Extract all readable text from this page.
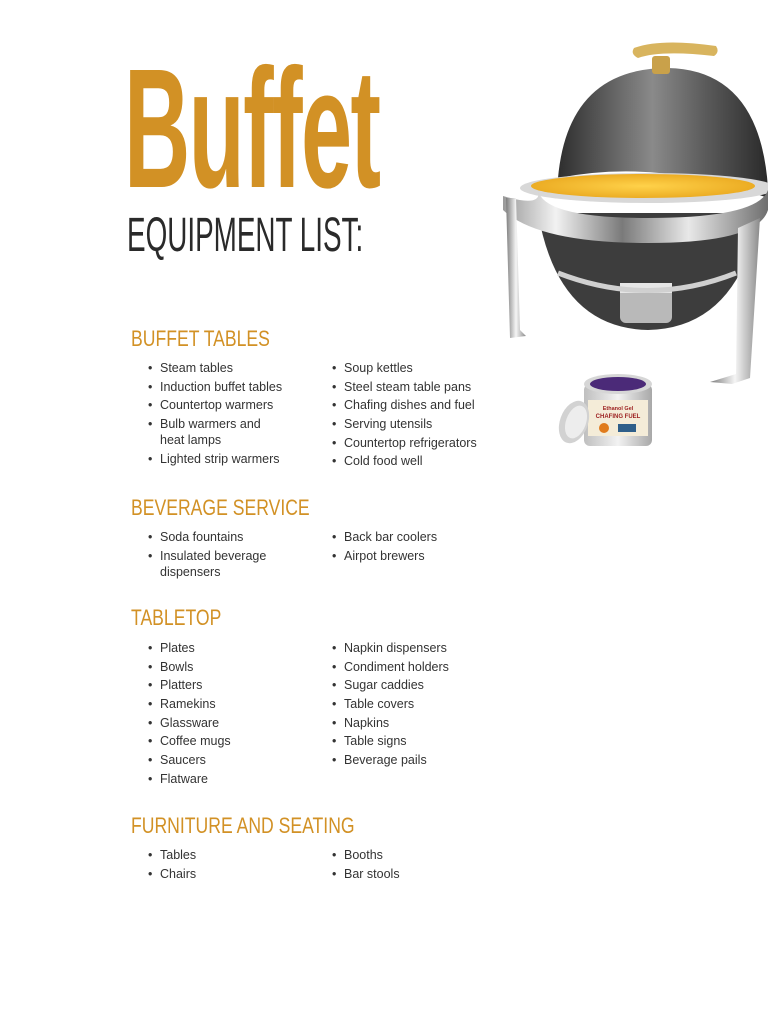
Buffet
EQUIPMENT LIST:
BUFFET TABLES
• Steam tables
• Induction buffet tables
• Countertop warmers
• Bulb warmers and
heat lamps
• Lighted strip warmers
• Soup kettles
• Steel steam table pans
• Chafing dishes and fuel
• Serving utensils
• Countertop refrigerators
• Cold food well
BEVERAGE SERVICE
• Soda fountains
• Insulated beverage
dispensers
• Back bar coolers
• Airpot brewers
TABLETOP
• Plates
• Bowls
• Platters
• Ramekins
• Glassware
• Coffee mugs
• Saucers
• Flatware
• Napkin dispensers
• Condiment holders
• Sugar caddies
• Table covers
• Napkins
• Table signs
• Beverage pails
FURNITURE AND SEATING
• Tables
• Chairs
• Booths
• Bar stools
Ethanol Gel
CHAFING FUEL
